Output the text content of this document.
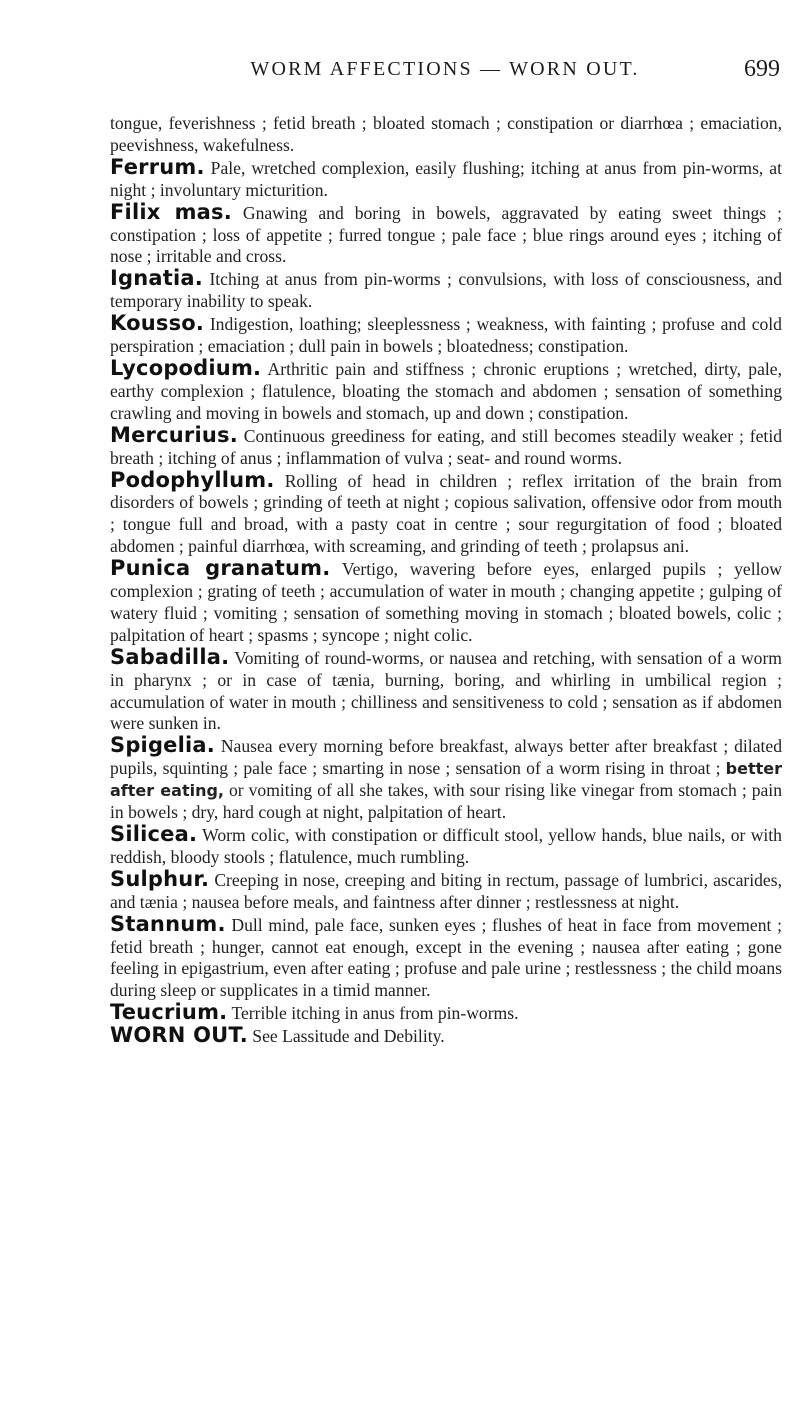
WORM AFFECTIONS — WORN OUT.	699

tongue, feverishness ; fetid breath ; bloated stomach ; constipation or diarrhœa ; emaciation, peevishness, wakefulness.

Ferrum. Pale, wretched complexion, easily flushing; itching at anus from pin-worms, at night ; involuntary micturition.

Filix mas. Gnawing and boring in bowels, aggravated by eating sweet things ; constipation ; loss of appetite ; furred tongue ; pale face ; blue rings around eyes ; itching of nose ; irritable and cross.

Ignatia. Itching at anus from pin-worms ; convulsions, with loss of consciousness, and temporary inability to speak.

Kousso. Indigestion, loathing; sleeplessness ; weakness, with fainting ; profuse and cold perspiration ; emaciation ; dull pain in bowels ; bloatedness; constipation.

Lycopodium. Arthritic pain and stiffness ; chronic eruptions ; wretched, dirty, pale, earthy complexion ; flatulence, bloating the stomach and abdomen ; sensation of something crawling and moving in bowels and stomach, up and down ; constipation.

Mercurius. Continuous greediness for eating, and still becomes steadily weaker ; fetid breath ; itching of anus ; inflammation of vulva ; seat- and round worms.

Podophyllum. Rolling of head in children ; reflex irritation of the brain from disorders of bowels ; grinding of teeth at night ; copious salivation, offensive odor from mouth ; tongue full and broad, with a pasty coat in centre ; sour regurgitation of food ; bloated abdomen ; painful diarrhœa, with screaming, and grinding of teeth ; prolapsus ani.

Punica granatum. Vertigo, wavering before eyes, enlarged pupils ; yellow complexion ; grating of teeth ; accumulation of water in mouth ; changing appetite ; gulping of watery fluid ; vomiting ; sensation of something moving in stomach ; bloated bowels, colic ; palpitation of heart ; spasms ; syncope ; night colic.

Sabadilla. Vomiting of round-worms, or nausea and retching, with sensation of a worm in pharynx ; or in case of tænia, burning, boring, and whirling in umbilical region ; accumulation of water in mouth ; chilliness and sensitiveness to cold ; sensation as if abdomen were sunken in.

Spigelia. Nausea every morning before breakfast, always better after breakfast ; dilated pupils, squinting ; pale face ; smarting in nose ; sensation of a worm rising in throat ; better after eating, or vomiting of all she takes, with sour rising like vinegar from stomach ; pain in bowels ; dry, hard cough at night, palpitation of heart.

Silicea. Worm colic, with constipation or difficult stool, yellow hands, blue nails, or with reddish, bloody stools ; flatulence, much rumbling.

Sulphur. Creeping in nose, creeping and biting in rectum, passage of lumbrici, ascarides, and tænia ; nausea before meals, and faintness after dinner ; restlessness at night.

Stannum. Dull mind, pale face, sunken eyes ; flushes of heat in face from movement ; fetid breath ; hunger, cannot eat enough, except in the evening ; nausea after eating ; gone feeling in epigastrium, even after eating ; profuse and pale urine ; restlessness ; the child moans during sleep or supplicates in a timid manner.

Teucrium. Terrible itching in anus from pin-worms.

WORN OUT. See Lassitude and Debility.
